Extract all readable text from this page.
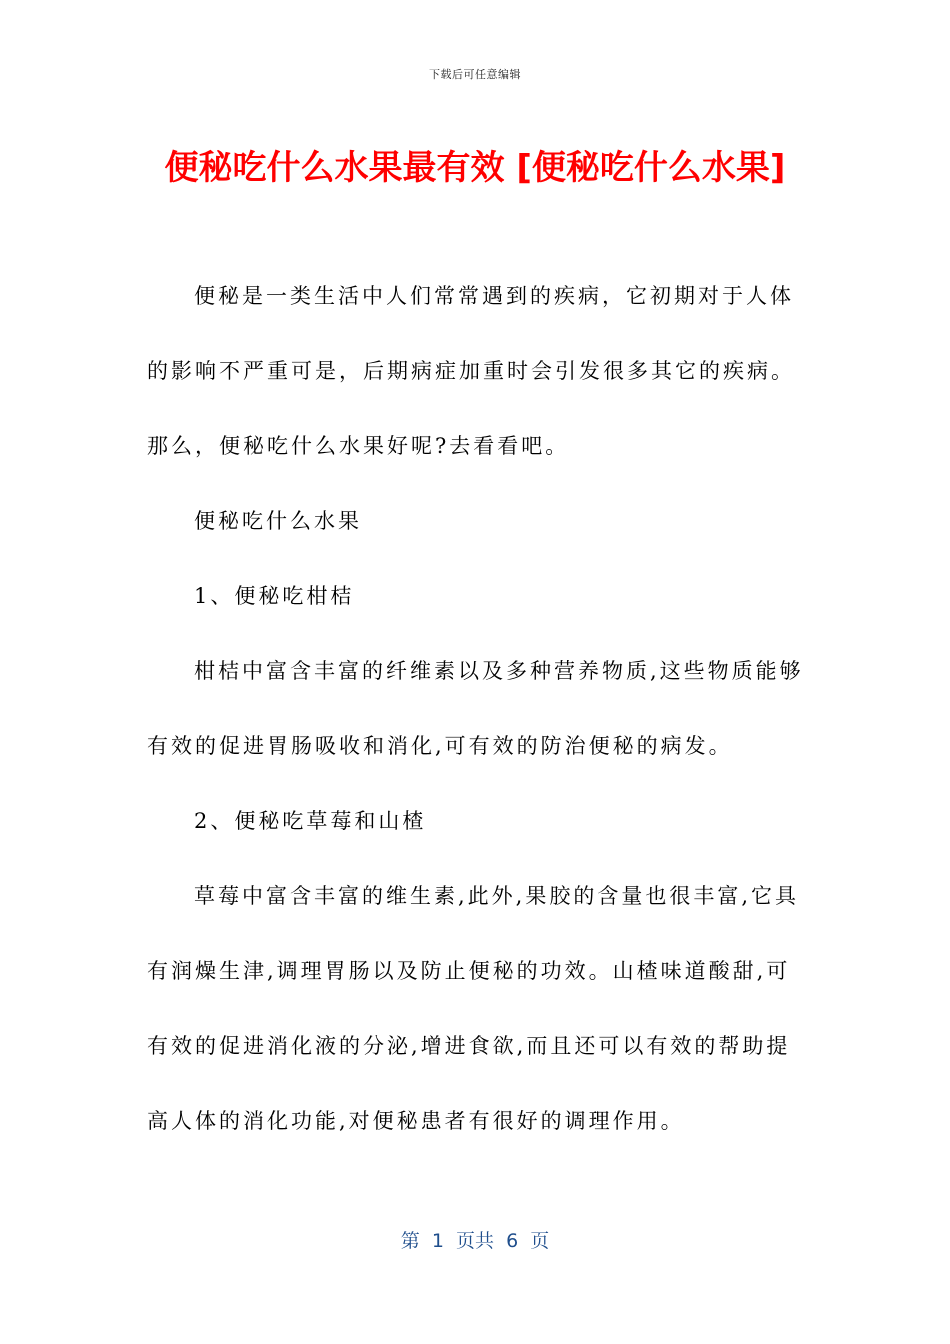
下载后可任意编辑
便秘吃什么水果最有效 [便秘吃什么水果]
便秘是一类生活中人们常常遇到的疾病，它初期对于人体
的影响不严重可是，后期病症加重时会引发很多其它的疾病。
那么，便秘吃什么水果好呢?去看看吧。
便秘吃什么水果
1、便秘吃柑桔
柑桔中富含丰富的纤维素以及多种营养物质,这些物质能够
有效的促进胃肠吸收和消化,可有效的防治便秘的病发。
2、便秘吃草莓和山楂
草莓中富含丰富的维生素,此外,果胶的含量也很丰富,它具
有润燥生津,调理胃肠以及防止便秘的功效。山楂味道酸甜,可
有效的促进消化液的分泌,增进食欲,而且还可以有效的帮助提
高人体的消化功能,对便秘患者有很好的调理作用。
第  1  页共  6  页
